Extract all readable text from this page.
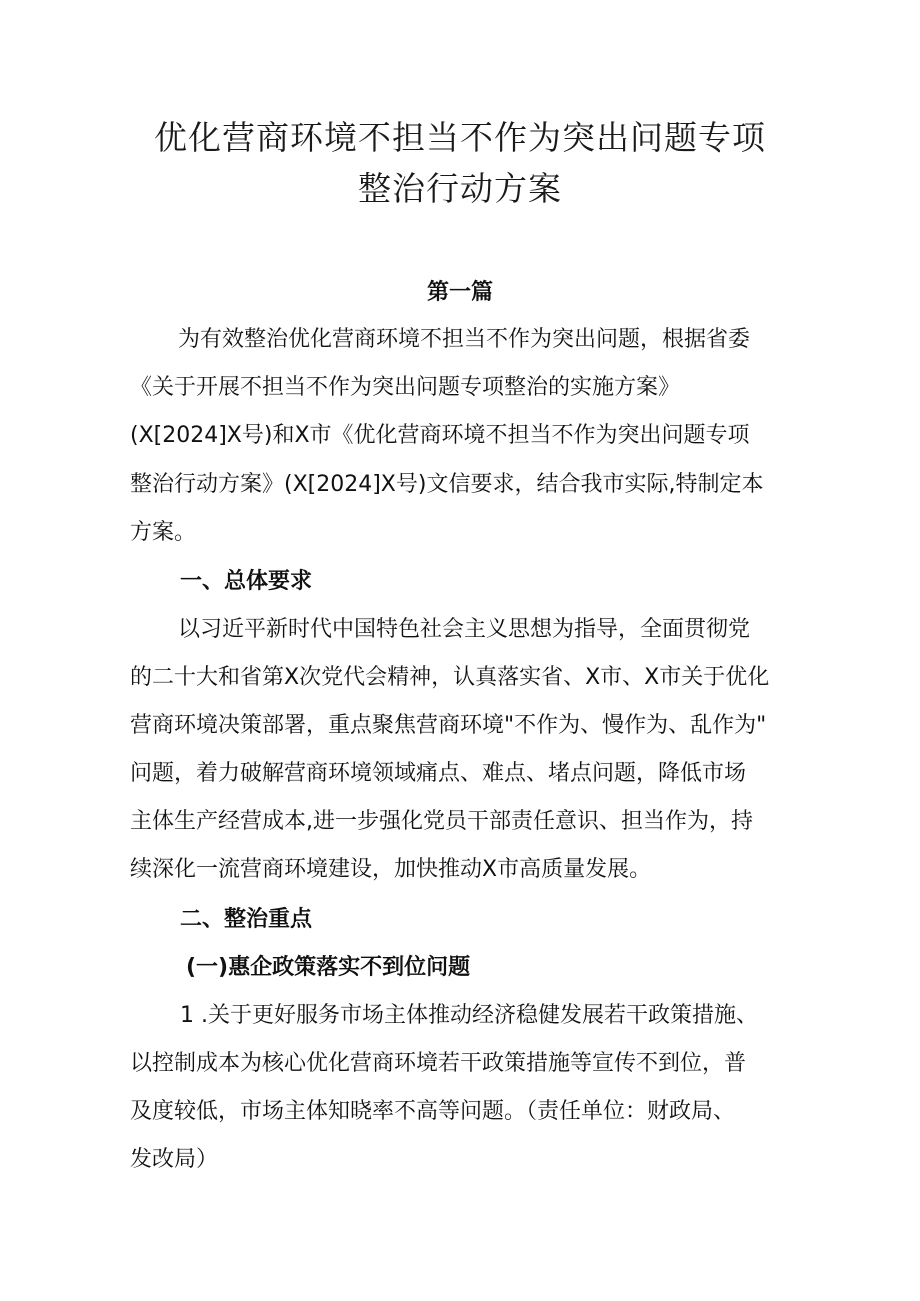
优化营商环境不担当不作为突出问题专项
整治行动方案
第一篇
为有效整治优化营商环境不担当不作为突出问题，根据省委
《关于开展不担当不作为突出问题专项整治的实施方案》
(X[2024]X号)和X市《优化营商环境不担当不作为突出问题专项
整治行动方案》(X[2024]X号)文信要求，结合我市实际,特制定本
方案。
一、总体要求
以习近平新时代中国特色社会主义思想为指导，全面贯彻党
的二十大和省第X次党代会精神，认真落实省、X市、X市关于优化
营商环境决策部署，重点聚焦营商环境"不作为、慢作为、乱作为"
问题，着力破解营商环境领域痛点、难点、堵点问题，降低市场
主体生产经营成本,进一步强化党员干部责任意识、担当作为，持
续深化一流营商环境建设，加快推动X市高质量发展。
二、整治重点
(一)惠企政策落实不到位问题
1 .关于更好服务市场主体推动经济稳健发展若干政策措施、
以控制成本为核心优化营商环境若干政策措施等宣传不到位，普
及度较低，市场主体知晓率不高等问题。（责任单位：财政局、
发改局）
